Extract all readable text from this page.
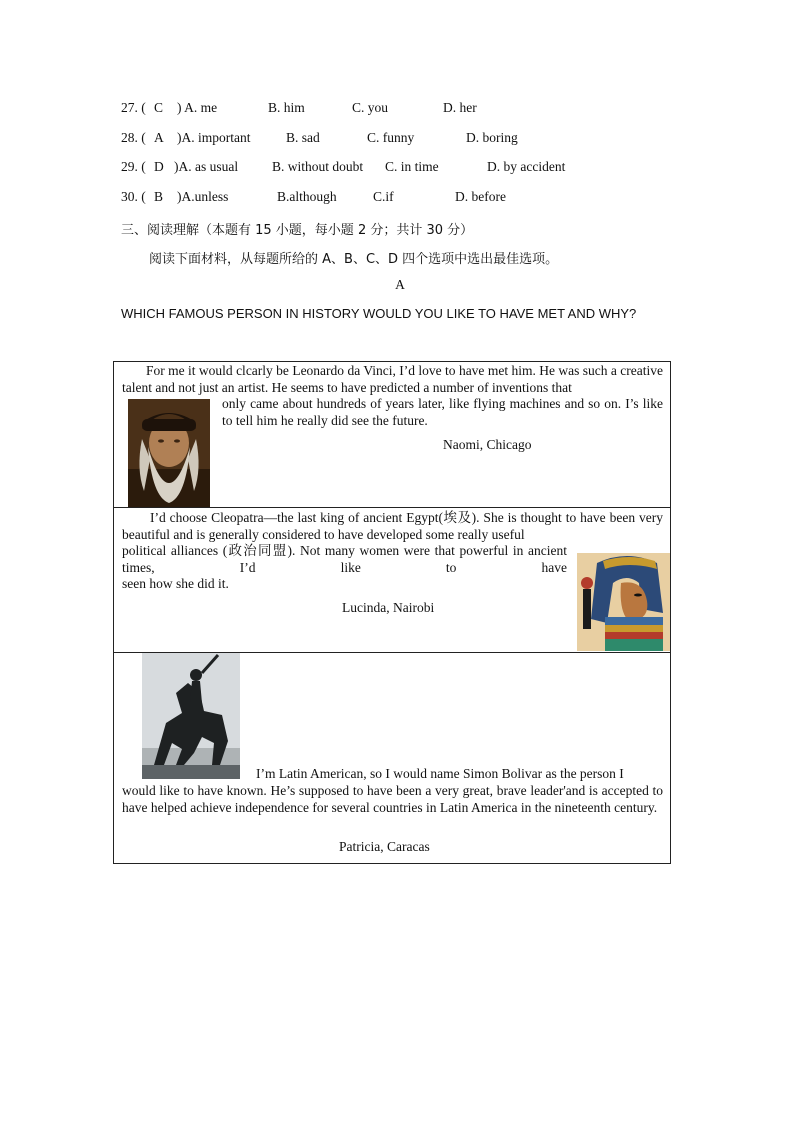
27. ( C ) A. me	B. him	C. you	D. her
28. ( A )A. important	B. sad	C. funny	D. boring
29. ( D )A. as usual	B. without doubt C. in time	D. by accident
30. ( B )A.unless	B.although	C.if	D. before
三、阅读理解（本题有 15 小题，每小题 2 分；共计 30 分）
阅读下面材料，从每题所给的 A、B、C、D 四个选项中选出最佳选项。
A
WHICH FAMOUS PERSON IN HISTORY WOULD YOU LIKE TO HAVE MET AND WHY?

For me it would clcarly be Leonardo da Vinci, I’d love to have met him. He was such a creative talent and not just an artist. He seems to have predicted a number of inventions that

only came about hundreds of years later, like flying machines and so on. I’s like to tell him he really did see the future.

Naomi, Chicago

I’d choose Cleopatra—the last king of ancient Egypt(埃及). She is thought to have been very beautiful and is generally considered to have developed some really useful

political alliances (政治同盟). Not many women were that powerful in ancient times, I’d like to have

seen how she did it.

Lucinda, Nairobi
I’m Latin American, so I would name Simon Bolivar as the person I

would like to have known. He’s supposed to have been a very great, brave leader'and is accepted to have helped achieve independence for several countries in Latin America in the nineteenth century.

Patricia, Caracas
